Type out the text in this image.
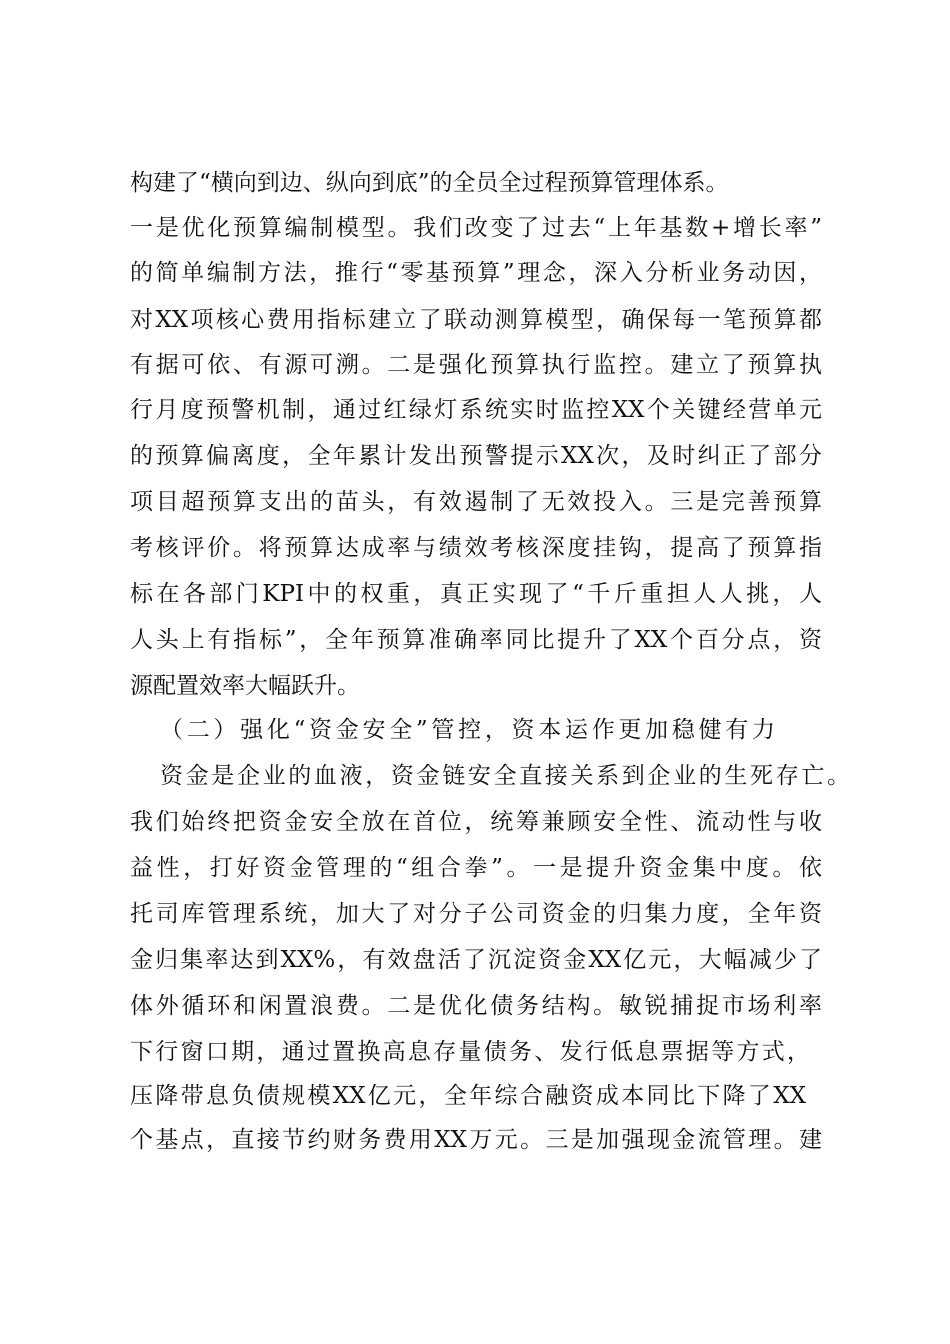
构建了“横向到边、纵向到底”的全员全过程预算管理体系。
一是优化预算编制模型。我们改变了过去“上年基数+增长率”
的简单编制方法，推行“零基预算”理念，深入分析业务动因，
对XX项核心费用指标建立了联动测算模型，确保每一笔预算都
有据可依、有源可溯。二是强化预算执行监控。建立了预算执
行月度预警机制，通过红绿灯系统实时监控XX个关键经营单元
的预算偏离度，全年累计发出预警提示XX次，及时纠正了部分
项目超预算支出的苗头，有效遏制了无效投入。三是完善预算
考核评价。将预算达成率与绩效考核深度挂钩，提高了预算指
标在各部门KPI中的权重，真正实现了“千斤重担人人挑，人
人头上有指标”，全年预算准确率同比提升了XX个百分点，资
源配置效率大幅跃升。
（二）强化“资金安全”管控，资本运作更加稳健有力
资金是企业的血液，资金链安全直接关系到企业的生死存亡。
我们始终把资金安全放在首位，统筹兼顾安全性、流动性与收
益性，打好资金管理的“组合拳”。一是提升资金集中度。依
托司库管理系统，加大了对分子公司资金的归集力度，全年资
金归集率达到XX%，有效盘活了沉淀资金XX亿元，大幅减少了
体外循环和闲置浪费。二是优化债务结构。敏锐捕捉市场利率
下行窗口期，通过置换高息存量债务、发行低息票据等方式，
压降带息负债规模XX亿元，全年综合融资成本同比下降了XX
个基点，直接节约财务费用XX万元。三是加强现金流管理。建
